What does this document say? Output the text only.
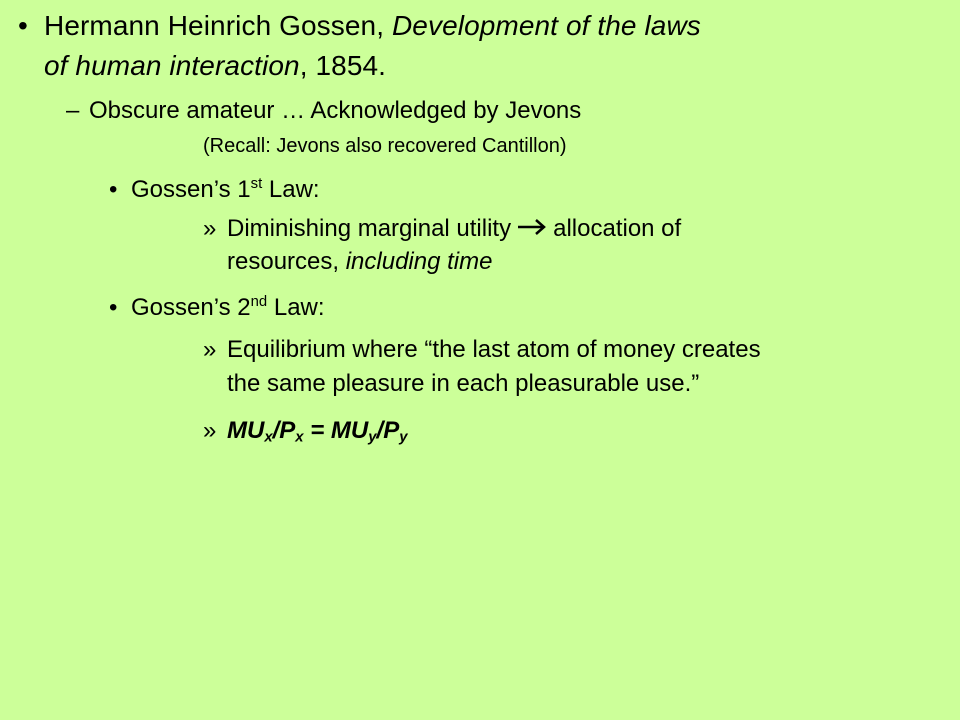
• Hermann Heinrich Gossen, Development of the laws
of human interaction, 1854.
– Obscure amateur … Acknowledged by Jevons
(Recall: Jevons also recovered Cantillon)
• Gossen’s 1st Law:
» Diminishing marginal utility allocation of
resources, including time
• Gossen’s 2nd Law:
» Equilibrium where “the last atom of money creates
the same pleasure in each pleasurable use.”
» $MU_x/P_x = MU_y/P_y$
